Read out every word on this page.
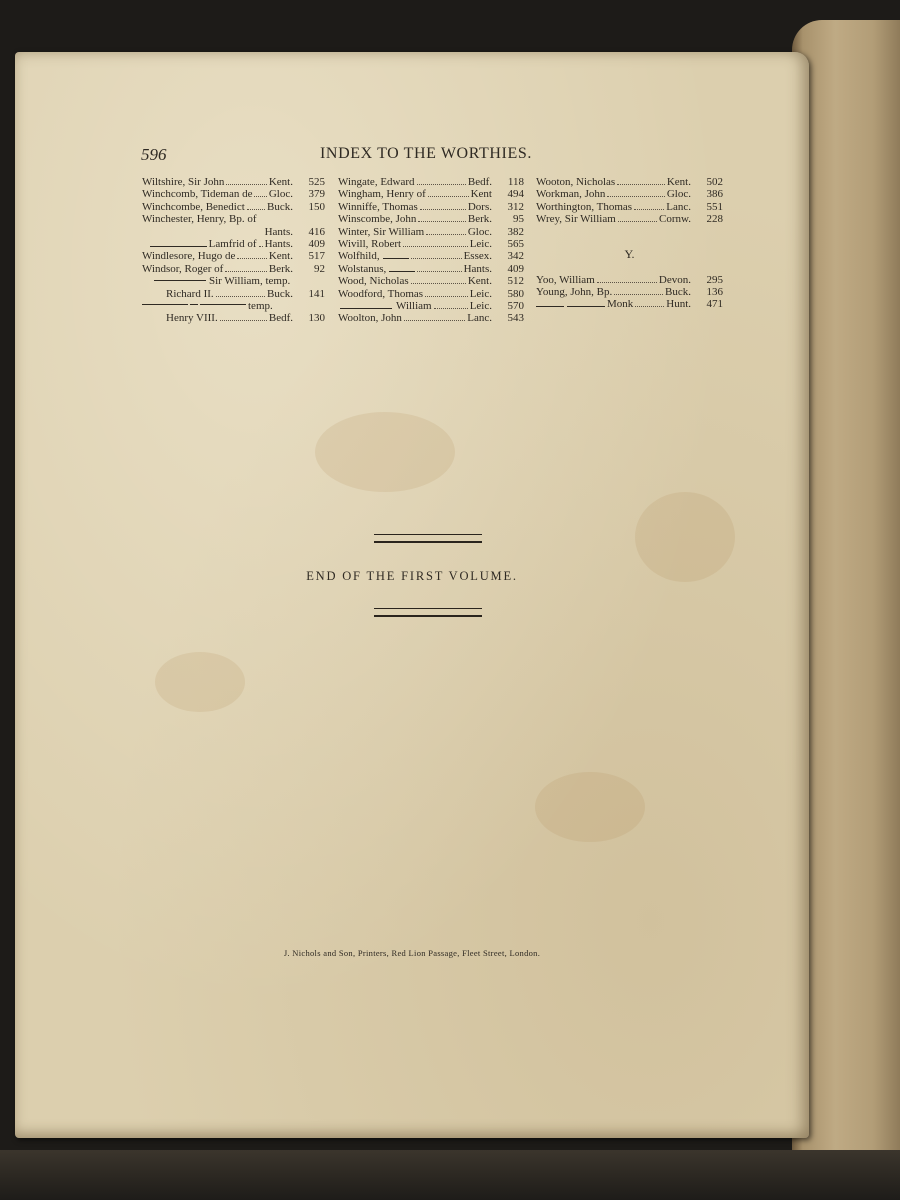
596	INDEX TO THE WORTHIES.
Wiltshire, Sir John	Kent.	525
Winchcomb, Tideman de Gloc.	379
Winchcombe, Benedict Buck.	150
Winchester, Henry, Bp. of
Hants.	416
Lamfrid of Hants.	409
Windlesore, Hugo de	Kent.	517
Windsor, Roger of	Berk.	92
Sir William, temp.
Richard II.	Buck.	141
temp.
Henry VIII.	Bedf.	130
Wingate, Edward	Bedf.	118
Wingham, Henry of	Kent	494
Winniffe, Thomas	Dors.	312
Winscombe, John	Berk.	95
Winter, Sir William	Gloc.	382
Wivill, Robert	Leic.	565
Wolfhild,	Essex.	342
Wolstanus,	Hants.	409
Wood, Nicholas	Kent.	512
Woodford, Thomas	Leic.	580
William	Leic.	570
Woolton, John	Lanc.	543
Wooton, Nicholas	Kent.	502
Workman, John	Gloc.	386
Worthington, Thomas	Lanc.	551
Wrey, Sir William	Cornw.	228
Y.
Yoo, William	Devon.	295
Young, John, Bp.	Buck.	136
Monk	Hunt.	471
END OF THE FIRST VOLUME.
J. Nichols and Son, Printers, Red Lion Passage, Fleet Street, London.
